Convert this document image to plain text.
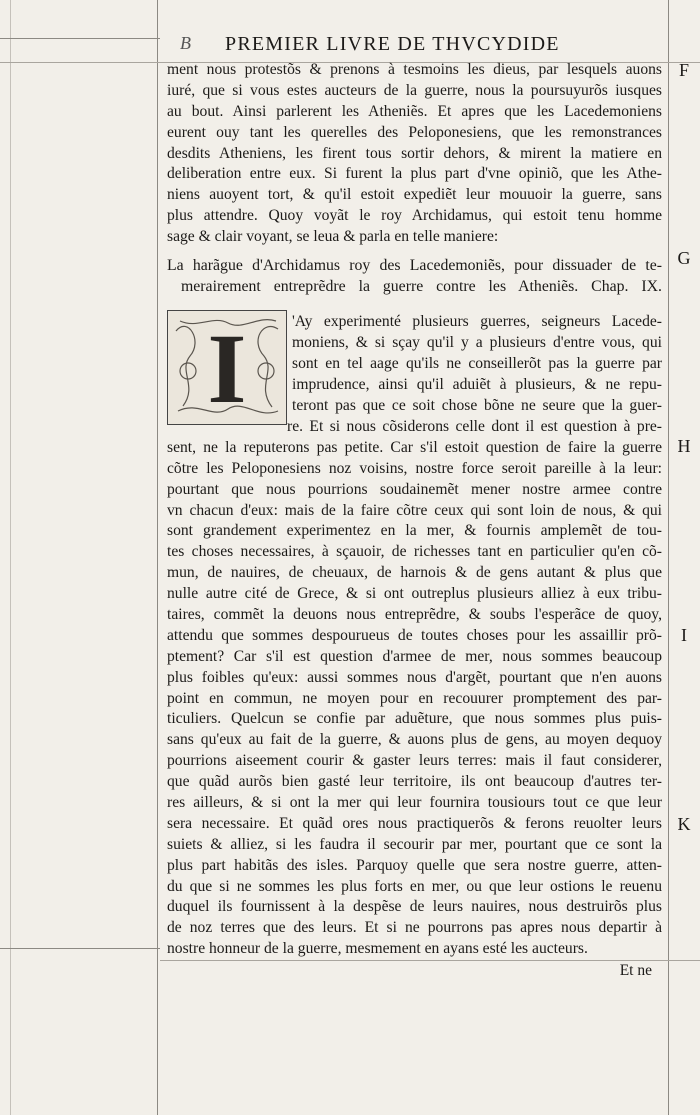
B PREMIER LIVRE DE THVCYDIDE
F
G
H
I
K
ment nous protestõs & prenons à tesmoins les dieus, par lesquels auons
iuré, que si vous estes aucteurs de la guerre, nous la poursuyurõs iusques
au bout. Ainsi parlerent les Atheniẽs. Et apres que les Lacedemoniens
eurent ouy tant les querelles des Peloponesiens, que les remonstrances
desdits Atheniens, les firent tous sortir dehors, & mirent la matiere en
deliberation entre eux. Si furent la plus part d'vne opiniõ, que les Athe-
niens auoyent tort, & qu'il estoit expediẽt leur mouuoir la guerre, sans
plus attendre. Quoy voyãt le roy Archidamus, qui estoit tenu homme
sage & clair voyant, se leua & parla en telle maniere:
La harãgue d'Archidamus roy des Lacedemoniẽs, pour dissuader de te-
merairement entreprẽdre la guerre contre les Atheniẽs. Chap. IX.
I	'Ay experimenté plusieurs guerres, seigneurs Lacede-
moniens, & si sçay qu'il y a plusieurs d'entre vous, qui
sont en tel aage qu'ils ne conseillerõt pas la guerre par
imprudence, ainsi qu'il aduiẽt à plusieurs, & ne repu-
teront pas que ce soit chose bõne ne seure que la guer-
re. Et si nous cõsiderons celle dont il est question à pre-
sent, ne la reputerons pas petite. Car s'il estoit question de faire la guerre
cõtre les Peloponesiens noz voisins, nostre force seroit pareille à la leur:
pourtant que nous pourrions soudainemẽt mener nostre armee contre
vn chacun d'eux: mais de la faire cõtre ceux qui sont loin de nous, & qui
sont grandement experimentez en la mer, & fournis amplemẽt de tou-
tes choses necessaires, à sçauoir, de richesses tant en particulier qu'en cõ-
mun, de nauires, de cheuaux, de harnois & de gens autant & plus que
nulle autre cité de Grece, & si ont outreplus plusieurs alliez à eux tribu-
taires, commẽt la deuons nous entreprẽdre, & soubs l'esperãce de quoy,
attendu que sommes despourueus de toutes choses pour les assaillir prõ-
ptement? Car s'il est question d'armee de mer, nous sommes beaucoup
plus foibles qu'eux: aussi sommes nous d'argẽt, pourtant que n'en auons
point en commun, ne moyen pour en recouurer promptement des par-
ticuliers. Quelcun se confie par aduẽture, que nous sommes plus puis-
sans qu'eux au fait de la guerre, & auons plus de gens, au moyen dequoy
pourrions aiseement courir & gaster leurs terres: mais il faut considerer,
que quãd aurõs bien gasté leur territoire, ils ont beaucoup d'autres ter-
res ailleurs, & si ont la mer qui leur fournira tousiours tout ce que leur
sera necessaire. Et quãd ores nous practiquerõs & ferons reuolter leurs
suiets & alliez, si les faudra il secourir par mer, pourtant que ce sont la
plus part habitãs des isles. Parquoy quelle que sera nostre guerre, atten-
du que si ne sommes les plus forts en mer, ou que leur ostions le reuenu
duquel ils fournissent à la despẽse de leurs nauires, nous destruirõs plus
de noz terres que des leurs. Et si ne pourrons pas apres nous departir à
nostre honneur de la guerre, mesmement en ayans esté les aucteurs.
Et ne
